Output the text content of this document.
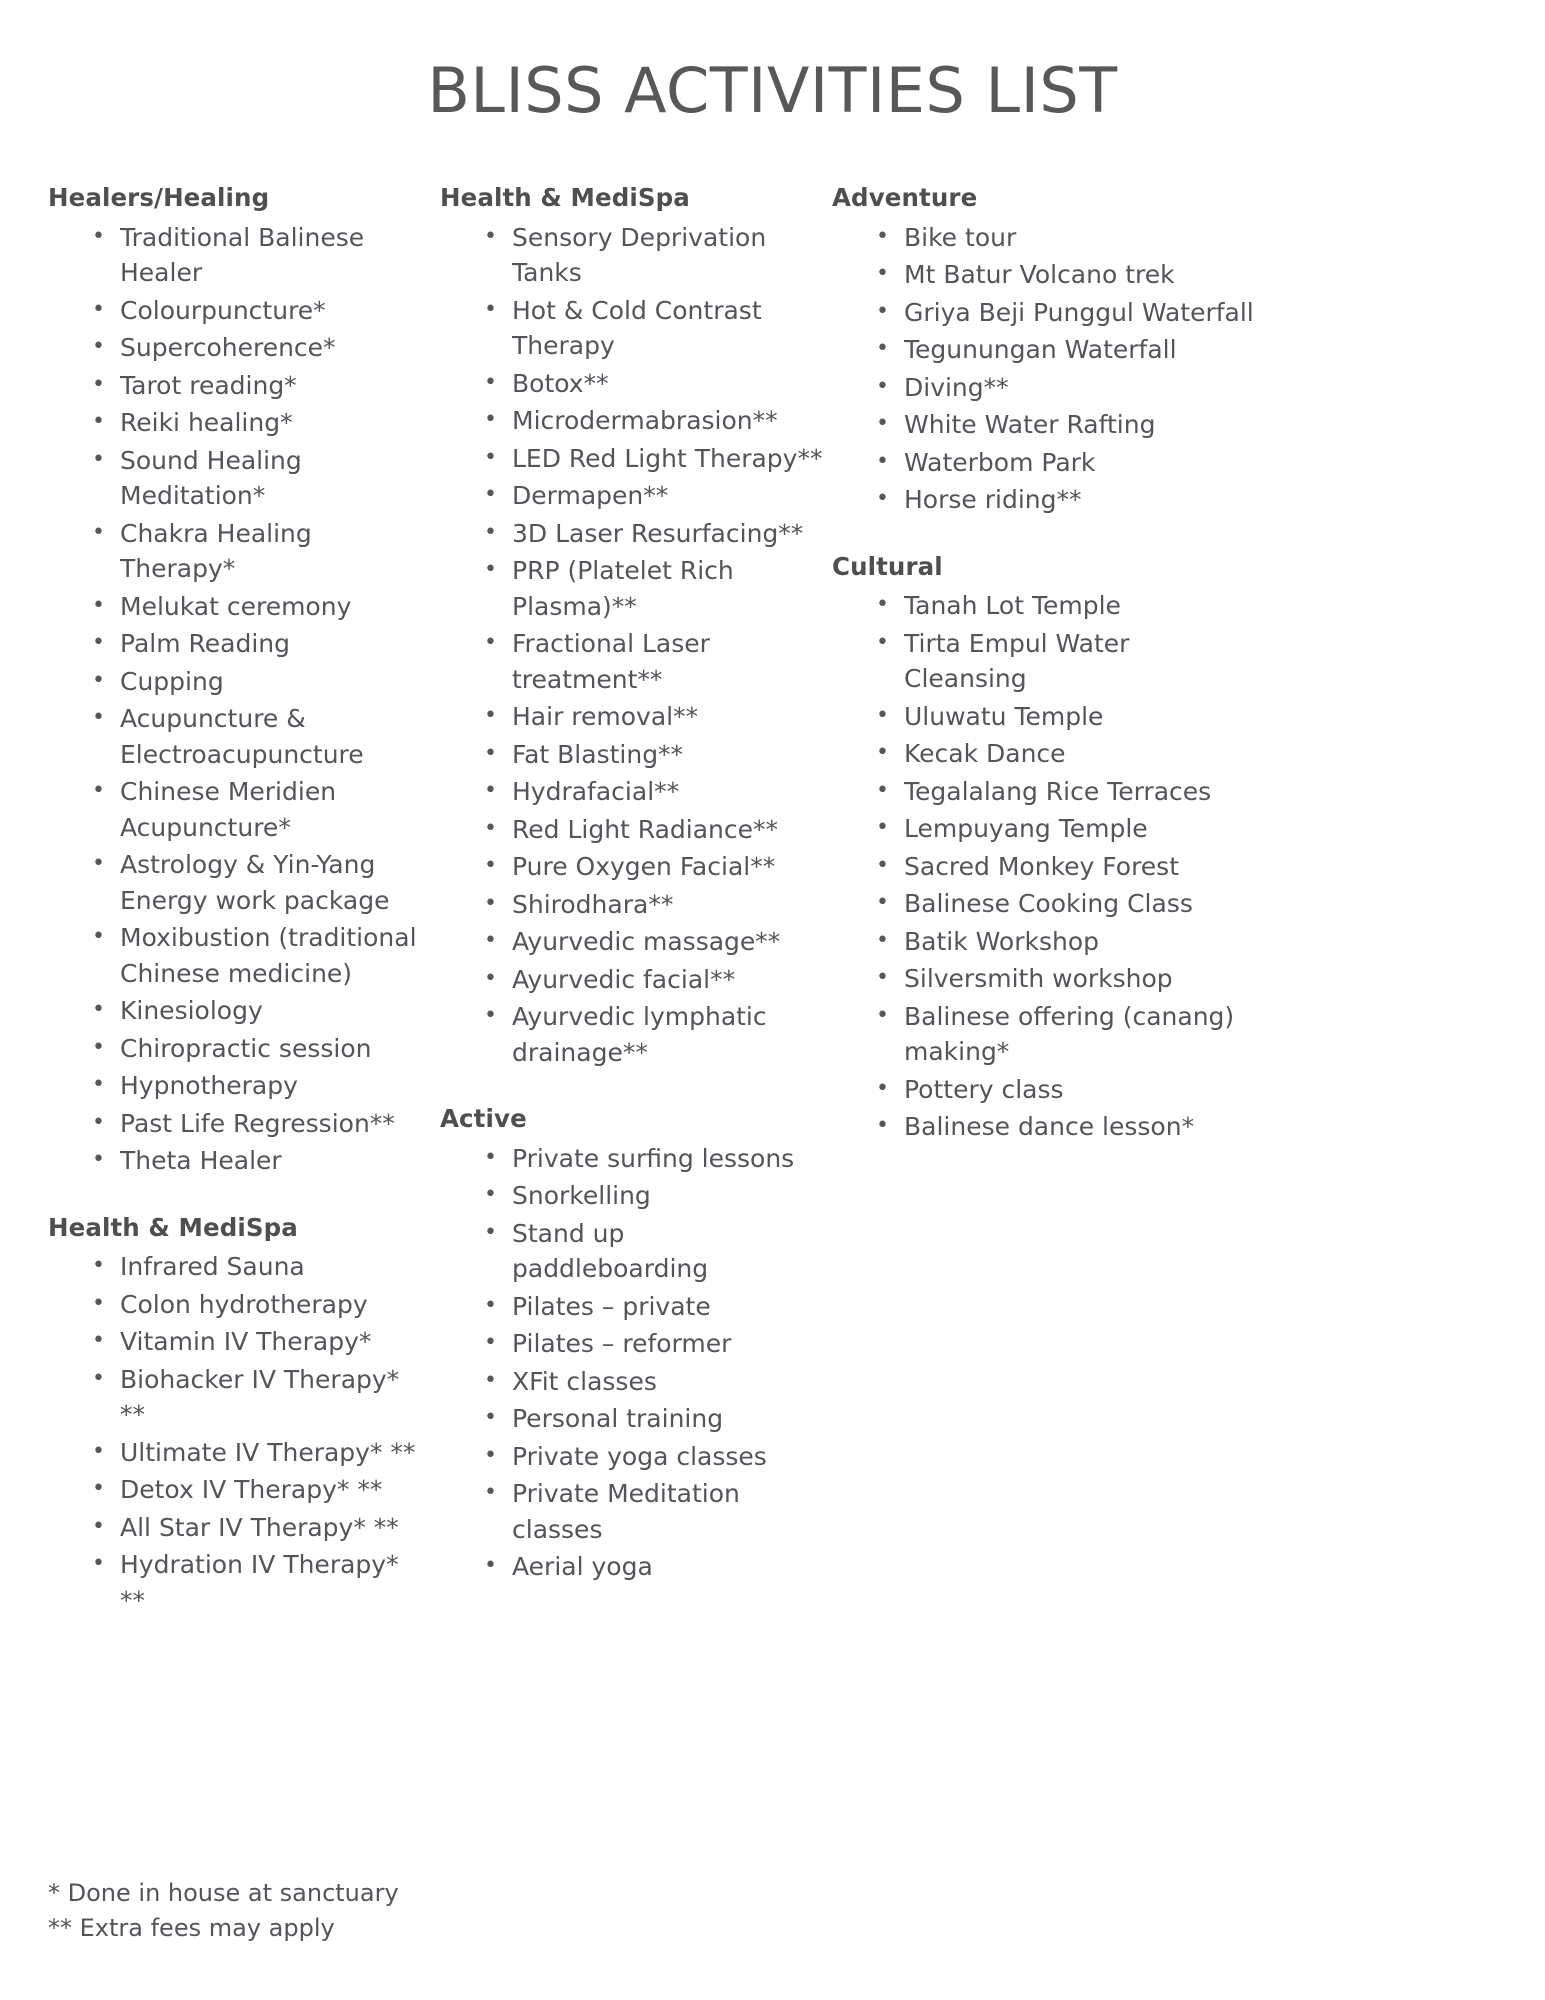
BLISS ACTIVITIES LIST
Healers/Healing
• Traditional Balinese Healer
• Colourpuncture*
• Supercoherence*
• Tarot reading*
• Reiki healing*
• Sound Healing Meditation*
• Chakra Healing Therapy*
• Melukat ceremony
• Palm Reading
• Cupping
• Acupuncture & Electroacupuncture
• Chinese Meridien Acupuncture*
• Astrology & Yin-Yang Energy work package
• Moxibustion (traditional Chinese medicine)
• Kinesiology
• Chiropractic session
• Hypnotherapy
• Past Life Regression**
• Theta Healer
Health & MediSpa
• Infrared Sauna
• Colon hydrotherapy
• Vitamin IV Therapy*
• Biohacker IV Therapy* **
• Ultimate IV Therapy* **
• Detox IV Therapy* **
• All Star IV Therapy* **
• Hydration IV Therapy* **
Health & MediSpa
• Sensory Deprivation Tanks
• Hot & Cold Contrast Therapy
• Botox**
• Microdermabrasion**
• LED Red Light Therapy**
• Dermapen**
• 3D Laser Resurfacing**
• PRP (Platelet Rich Plasma)**
• Fractional Laser treatment**
• Hair removal**
• Fat Blasting**
• Hydrafacial**
• Red Light Radiance**
• Pure Oxygen Facial**
• Shirodhara**
• Ayurvedic massage**
• Ayurvedic facial**
• Ayurvedic lymphatic drainage**
Active
• Private surfing lessons
• Snorkelling
• Stand up paddleboarding
• Pilates – private
• Pilates – reformer
• XFit classes
• Personal training
• Private yoga classes
• Private Meditation classes
• Aerial yoga
Adventure
• Bike tour
• Mt Batur Volcano trek
• Griya Beji Punggul Waterfall
• Tegunungan Waterfall
• Diving**
• White Water Rafting
• Waterbom Park
• Horse riding**
Cultural
• Tanah Lot Temple
• Tirta Empul Water Cleansing
• Uluwatu Temple
• Kecak Dance
• Tegalalang Rice Terraces
• Lempuyang Temple
• Sacred Monkey Forest
• Balinese Cooking Class
• Batik Workshop
• Silversmith workshop
• Balinese offering (canang) making*
• Pottery class
• Balinese dance lesson*

* Done in house at sanctuary

** Extra fees may apply
